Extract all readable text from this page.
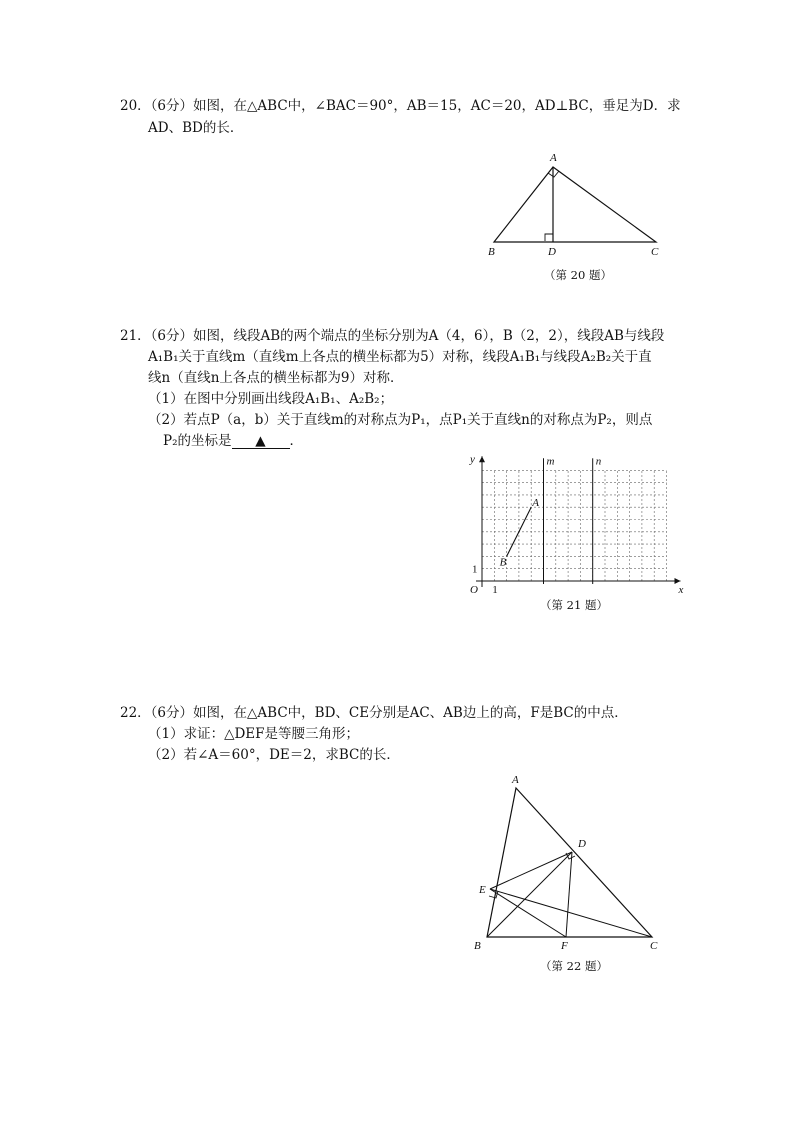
20．（6分）如图，在△ABC中，∠BAC＝90°，AB＝15，AC＝20，AD⊥BC，垂足为D．求
AD、BD的长．
A
B	D	C
（第 20 题）
21．（6分）如图，线段AB的两个端点的坐标分别为A（4，6），B（2，2），线段AB与线段
A₁B₁关于直线m（直线m上各点的横坐标都为5）对称，线段A₁B₁与线段A₂B₂关于直
线n（直线n上各点的横坐标都为9）对称．
（1）在图中分别画出线段A₁B₁、A₂B₂；
（2）若点P（a，b）关于直线m的对称点为P₁，点P₁关于直线n的对称点为P₂，则点
P₂的坐标是 ▲ ．
y
x
O 1
1
m	n
A
B
（第 21 题）
22．（6分）如图，在△ABC中，BD、CE分别是AC、AB边上的高，F是BC的中点．
（1）求证：△DEF是等腰三角形；
（2）若∠A＝60°，DE＝2，求BC的长．
A
D
E
B	F	C
（第 22 题）
